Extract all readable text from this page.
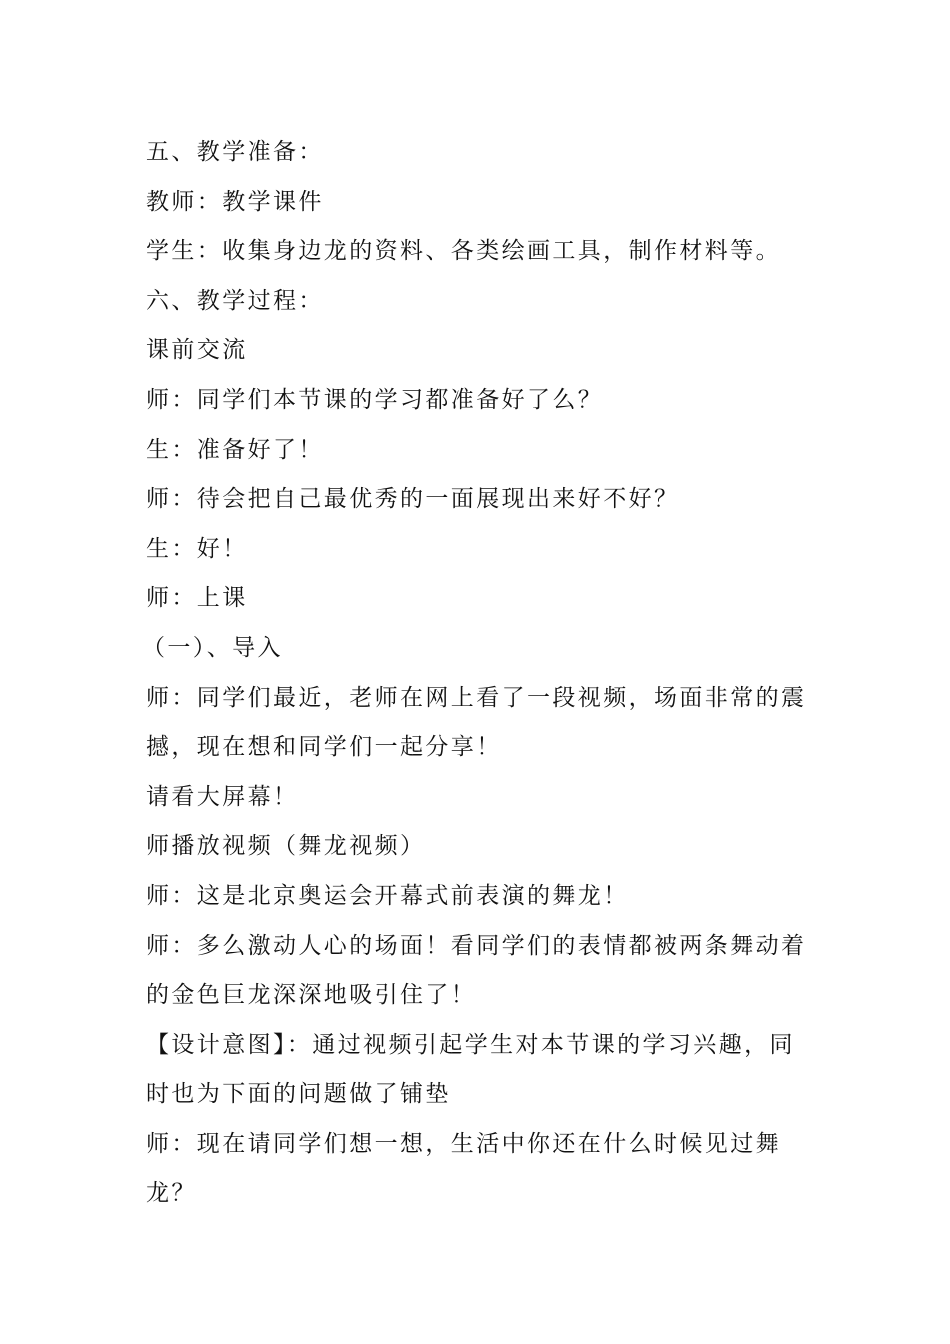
五、教学准备：

教师：教学课件

学生：收集身边龙的资料、各类绘画工具，制作材料等。

六、教学过程：

课前交流

师：同学们本节课的学习都准备好了么？

生：准备好了！

师：待会把自己最优秀的一面展现出来好不好？

生：好！

师：上课

（一）、导入

师：同学们最近，老师在网上看了一段视频，场面非常的震撼，现在想和同学们一起分享！

请看大屏幕！

师播放视频（舞龙视频）

师：这是北京奥运会开幕式前表演的舞龙！

师：多么激动人心的场面！看同学们的表情都被两条舞动着的金色巨龙深深地吸引住了！

【设计意图】：通过视频引起学生对本节课的学习兴趣，同时也为下面的问题做了铺垫

师：现在请同学们想一想，生活中你还在什么时候见过舞龙？
